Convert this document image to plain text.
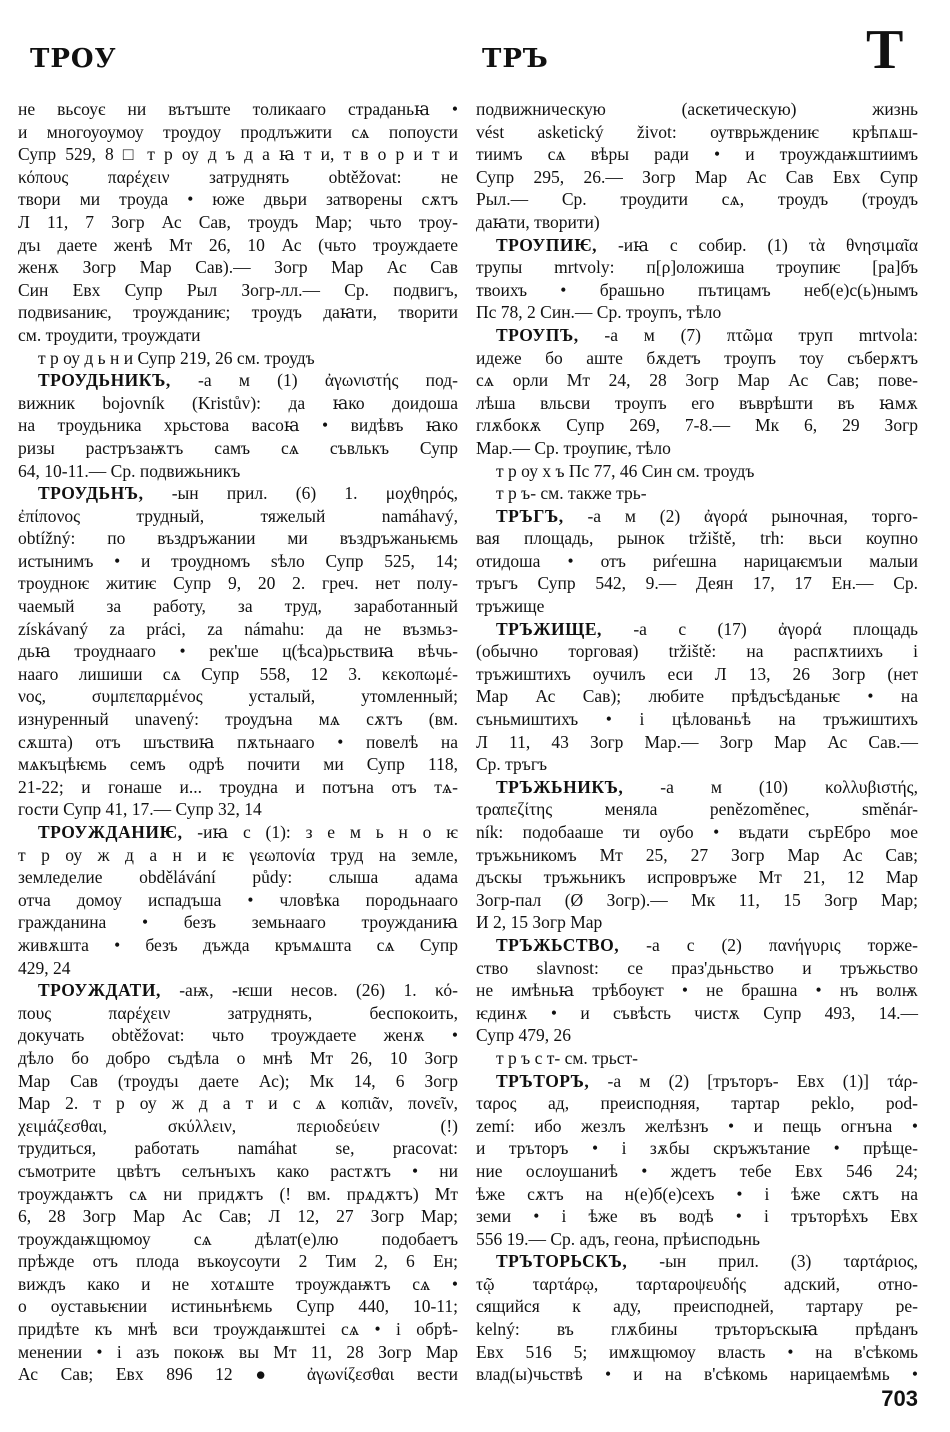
ТРОУ	ТРЪ	Т
не вьсоує ни вътъште толикааго страданьꙗ •
и многоуоумоу троудоу продлъжити сѧ попоусти
Супр 529, 8 □ т р оу д ъ д а ꙗ т и, т в о р и т и
κόπους παρέχειν затруднять obtěžovat: не
твори ми троуда • юже двьри затворены сѫтъ
Л 11, 7 Зогр Ас Сав, троудъ Мар; чьто троу-
дъı даете женѣ Мт 26, 10 Ас (чьто троуждаете
женѫ Зогр Мар Сав).— Зогр Мар Ас Сав
Син Евх Супр Рыл Зогр-лл.— Ср. подвигъ,
подвиѕаниѥ, троужданиѥ; троудъ даꙗти, творити
см. троудити, троуждати
т р оу д ь н и Супр 219, 26 см. троудъ
ТРОУДЬНИКЪ, -а м (1) ἀγωνιστής под-
вижник bojovník (Kristův): да ꙗко доидоша
на троудьника хрьстова васоꙗ • видѣвъ ꙗко
ризы растръзаѭтъ самъ сѧ съвлькъ Супр
64, 10-11.— Ср. подвижьникъ
ТРОУДЬНЪ, -ын прил. (6) 1. μοχθηρός,
ἐπίπονος трудный, тяжелый namáhavý,
obtížný: по въздръжании ми въздръжаньѥмь
истынимъ • и троудномъ ѕѣло Супр 525, 14;
троудноѥ житиѥ Супр 9, 20 2. греч. нет полу-
чаемый за работу, за труд, заработанный
získávaný za práci, za námahu: да не възмьз-
дьꙗ троуднааго • рек'ше ц(ѣса)рьствиꙗ вѣчь-
нааго лишиши сѧ Супр 558, 12 3. κεκοπωμέ-
νος, συμπεπαρμένος усталый, утомленный;
изнуренный unavený: троудъна мѧ сѫтъ (вм.
сѫшта) отъ шъствиꙗ пѫтьнааго • повелѣ на
мѧкъцѣѥмь семъ одрѣ почити ми Супр 118,
21-22; и гонаше и... троудна и потъна отъ тѧ-
гости Супр 41, 17.— Супр 32, 14
ТРОУЖДАНИѤ, -иꙗ с (1): з е м ь н о ѥ
т р оу ж д а н и ѥ γεωπονία труд на земле,
земледелие obdělávání půdy: слыша адама
отча домоу испадъша • чловѣка породьнааго
гражданина • безъ земьнааго троужданиꙗ
живѫшта • безъ дъжда кръмѧшта сѧ Супр
429, 24
ТРОУЖДАТИ, -аѭ, -ѥши несов. (26) 1. κό-
πους παρέχειν затруднять, беспокоить,
докучать obtěžovat: чьто троуждаете женѫ •
дѣло бо добро съдѣла о мнѣ Мт 26, 10 Зогр
Мар Сав (троудъı даете Ас); Мк 14, 6 Зогр
Мар 2. т р оу ж д а т и с ѧ κοπιᾶν, πονεῖν,
χειμάζεσθαι, σκύλλειν, περιοδεύειν (!)
трудиться, работать namáhat se, pracovat:
съмотрите цвѣтъ селънъıхъ како растѫтъ • ни
троуждаѭтъ сѧ ни придѫтъ (! вм. прѧдѫтъ) Мт
6, 28 Зогр Мар Ас Сав; Л 12, 27 Зогр Мар;
троуждаѭщюмоу сѧ дѣлат(е)лю подобаетъ
прѣжде отъ плода въкоусоути 2 Тим 2, 6 Ен;
виждъ како и не хотѧште троуждаѭтъ сѧ •
о оуставьѥнии истиньнѣѥмь Супр 440, 10-11;
придѣте къ мнѣ вси троуждаѭштеі сѧ • і обрѣ-
менении • і азъ покоѭ вы Мт 11, 28 Зогр Мар
Ас Сав; Евх 896 12 ● ἀγωνίζεσθαι вести
подвижническую (аскетическую) жизнь
vést asketický život: оутврьждениѥ крѣпѧш-
тиимъ сѧ вѣры ради • и троуждаѭштиимъ
Супр 295, 26.— Зогр Мар Ас Сав Евх Супр
Рыл.— Ср. троудити сѧ, троудъ (троудъ
даꙗти, творити)
ТРОУПИѤ, -иꙗ с собир. (1) τὰ θνησιμαῖα
трупы mrtvoly: п[ρ]оложиша троупиѥ [ра]бъ
твоихъ • брашьно пътицамъ неб(е)с(ь)нымъ
Пс 78, 2 Син.— Ср. троупъ, тѣло
ТРОУПЪ, -а м (7) πτῶμα труп mrtvola:
идеже бо аште бѫдетъ троупъ тоу съберѫтъ
сѧ орли Мт 24, 28 Зогр Мар Ас Сав; пове-
лѣша вльсви троупъ его въврѣшти въ ꙗмѫ
глѫбокѫ Супр 269, 7-8.— Мк 6, 29 Зогр
Мар.— Ср. троупиѥ, тѣло
т р оу х ъ Пс 77, 46 Син см. троудъ
т р ъ- см. также трь-
ТРЪГЪ, -а м (2) ἀγορά рыночная, торго-
вая площадь, рынок tržiště, trh: вьси коупно
отидоша • отъ риѓешна нарицаѥмъıи малыи
тръгъ Супр 542, 9.— Деян 17, 17 Ен.— Ср.
тръжище
ТРЪЖИЩЕ, -а с (17) ἀγορά площадь
(обычно торговая) tržiště: на распѫтиихъ і
тръжиштихъ оучилъ еси Л 13, 26 Зогр (нет
Мар Ас Сав); любите прѣдъсѣданьѥ • на
съньмиштихъ • і цѣлованьѣ на тръжиштихъ
Л 11, 43 Зогр Мар.— Зогр Мар Ас Сав.—
Ср. тръгъ
ТРЪЖЬНИКЪ, -а м (10) κολλυβιστής,
τραπεζίτης меняла penězoměnec, směnár-
ník: подобааше ти оубо • въдати сърЕбро мое
тръжьникомъ Мт 25, 27 Зогр Мар Ас Сав;
дъскы тръжьникъ испровръже Мт 21, 12 Мар
Зогр-пал (Ø Зогр).— Мк 11, 15 Зогр Мар;
И 2, 15 Зогр Мар
ТРЪЖЬСТВО, -а с (2) πανήγυρις торже-
ство slavnost: се праз'дьньство и тръжьство
не имѣньꙗ трѣбоуѥт • не брашна • нъ волѭ
ѥдинѫ • и съвѣсть чистѫ Супр 493, 14.—
Супр 479, 26
т р ъ с т- см. трьст-
ТРЪТОРЪ, -а м (2) [тръторъ- Евх (1)] τάρ-
ταρος ад, преисподняя, тартар peklo, pod-
zemí: ибо жезлъ желѣзнъ • и пещь огнъна •
и тръторъ • і зѫбы скръжътание • прѣще-
ние ослоушаниѣ • ждетъ тебе Евх 546 24;
ѣже сѫтъ на н(е)б(е)сехъ • і ѣже сѫтъ на
земи • і ѣже въ водѣ • і тръторѣхъ Евх
556 19.— Ср. адъ, геона, прѣисподьнь
ТРЪТОРЬСКЪ, -ын прил. (3) ταρτάριος,
τῷ ταρτάρῳ, ταρταροψευδής адский, отно-
сящийся к аду, преисподней, тартару pe-
kelný: въ глѫбины тръторъскыꙗ прѣданъ
Евх 516 5; имѫщюмоу власть • на в'сѣкомь
влад(ы)чьствѣ • и на в'сѣкомь нарицаемѣмь •
703
